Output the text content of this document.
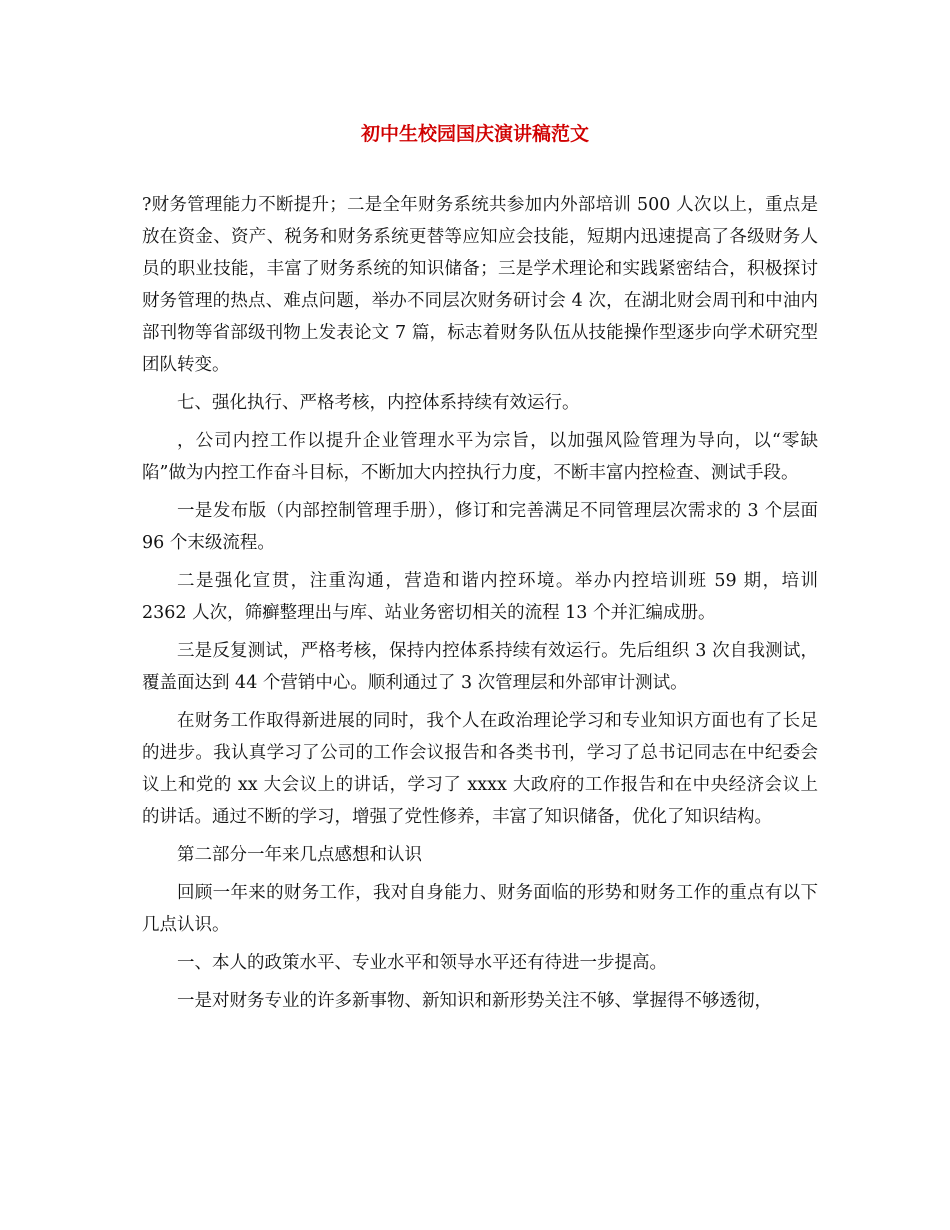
初中生校园国庆演讲稿范文

?财务管理能力不断提升；二是全年财务系统共参加内外部培训 500 人次以上，重点是放在资金、资产、税务和财务系统更替等应知应会技能，短期内迅速提高了各级财务人员的职业技能，丰富了财务系统的知识储备；三是学术理论和实践紧密结合，积极探讨财务管理的热点、难点问题，举办不同层次财务研讨会 4 次，在湖北财会周刊和中油内部刊物等省部级刊物上发表论文 7 篇，标志着财务队伍从技能操作型逐步向学术研究型团队转变。

七、强化执行、严格考核，内控体系持续有效运行。

，公司内控工作以提升企业管理水平为宗旨，以加强风险管理为导向，以“零缺陷”做为内控工作奋斗目标，不断加大内控执行力度，不断丰富内控检查、测试手段。

一是发布版（内部控制管理手册），修订和完善满足不同管理层次需求的 3 个层面 96 个末级流程。

二是强化宣贯，注重沟通，营造和谐内控环境。举办内控培训班 59 期，培训 2362 人次，筛癣整理出与库、站业务密切相关的流程 13 个并汇编成册。

三是反复测试，严格考核，保持内控体系持续有效运行。先后组织 3 次自我测试，覆盖面达到 44 个营销中心。顺利通过了 3 次管理层和外部审计测试。

在财务工作取得新进展的同时，我个人在政治理论学习和专业知识方面也有了长足的进步。我认真学习了公司的工作会议报告和各类书刊，学习了总书记同志在中纪委会议上和党的 xx 大会议上的讲话，学习了 xxxx 大政府的工作报告和在中央经济会议上的讲话。通过不断的学习，增强了党性修养，丰富了知识储备，优化了知识结构。

第二部分一年来几点感想和认识

回顾一年来的财务工作，我对自身能力、财务面临的形势和财务工作的重点有以下几点认识。

一、本人的政策水平、专业水平和领导水平还有待进一步提高。

一是对财务专业的许多新事物、新知识和新形势关注不够、掌握得不够透彻，
